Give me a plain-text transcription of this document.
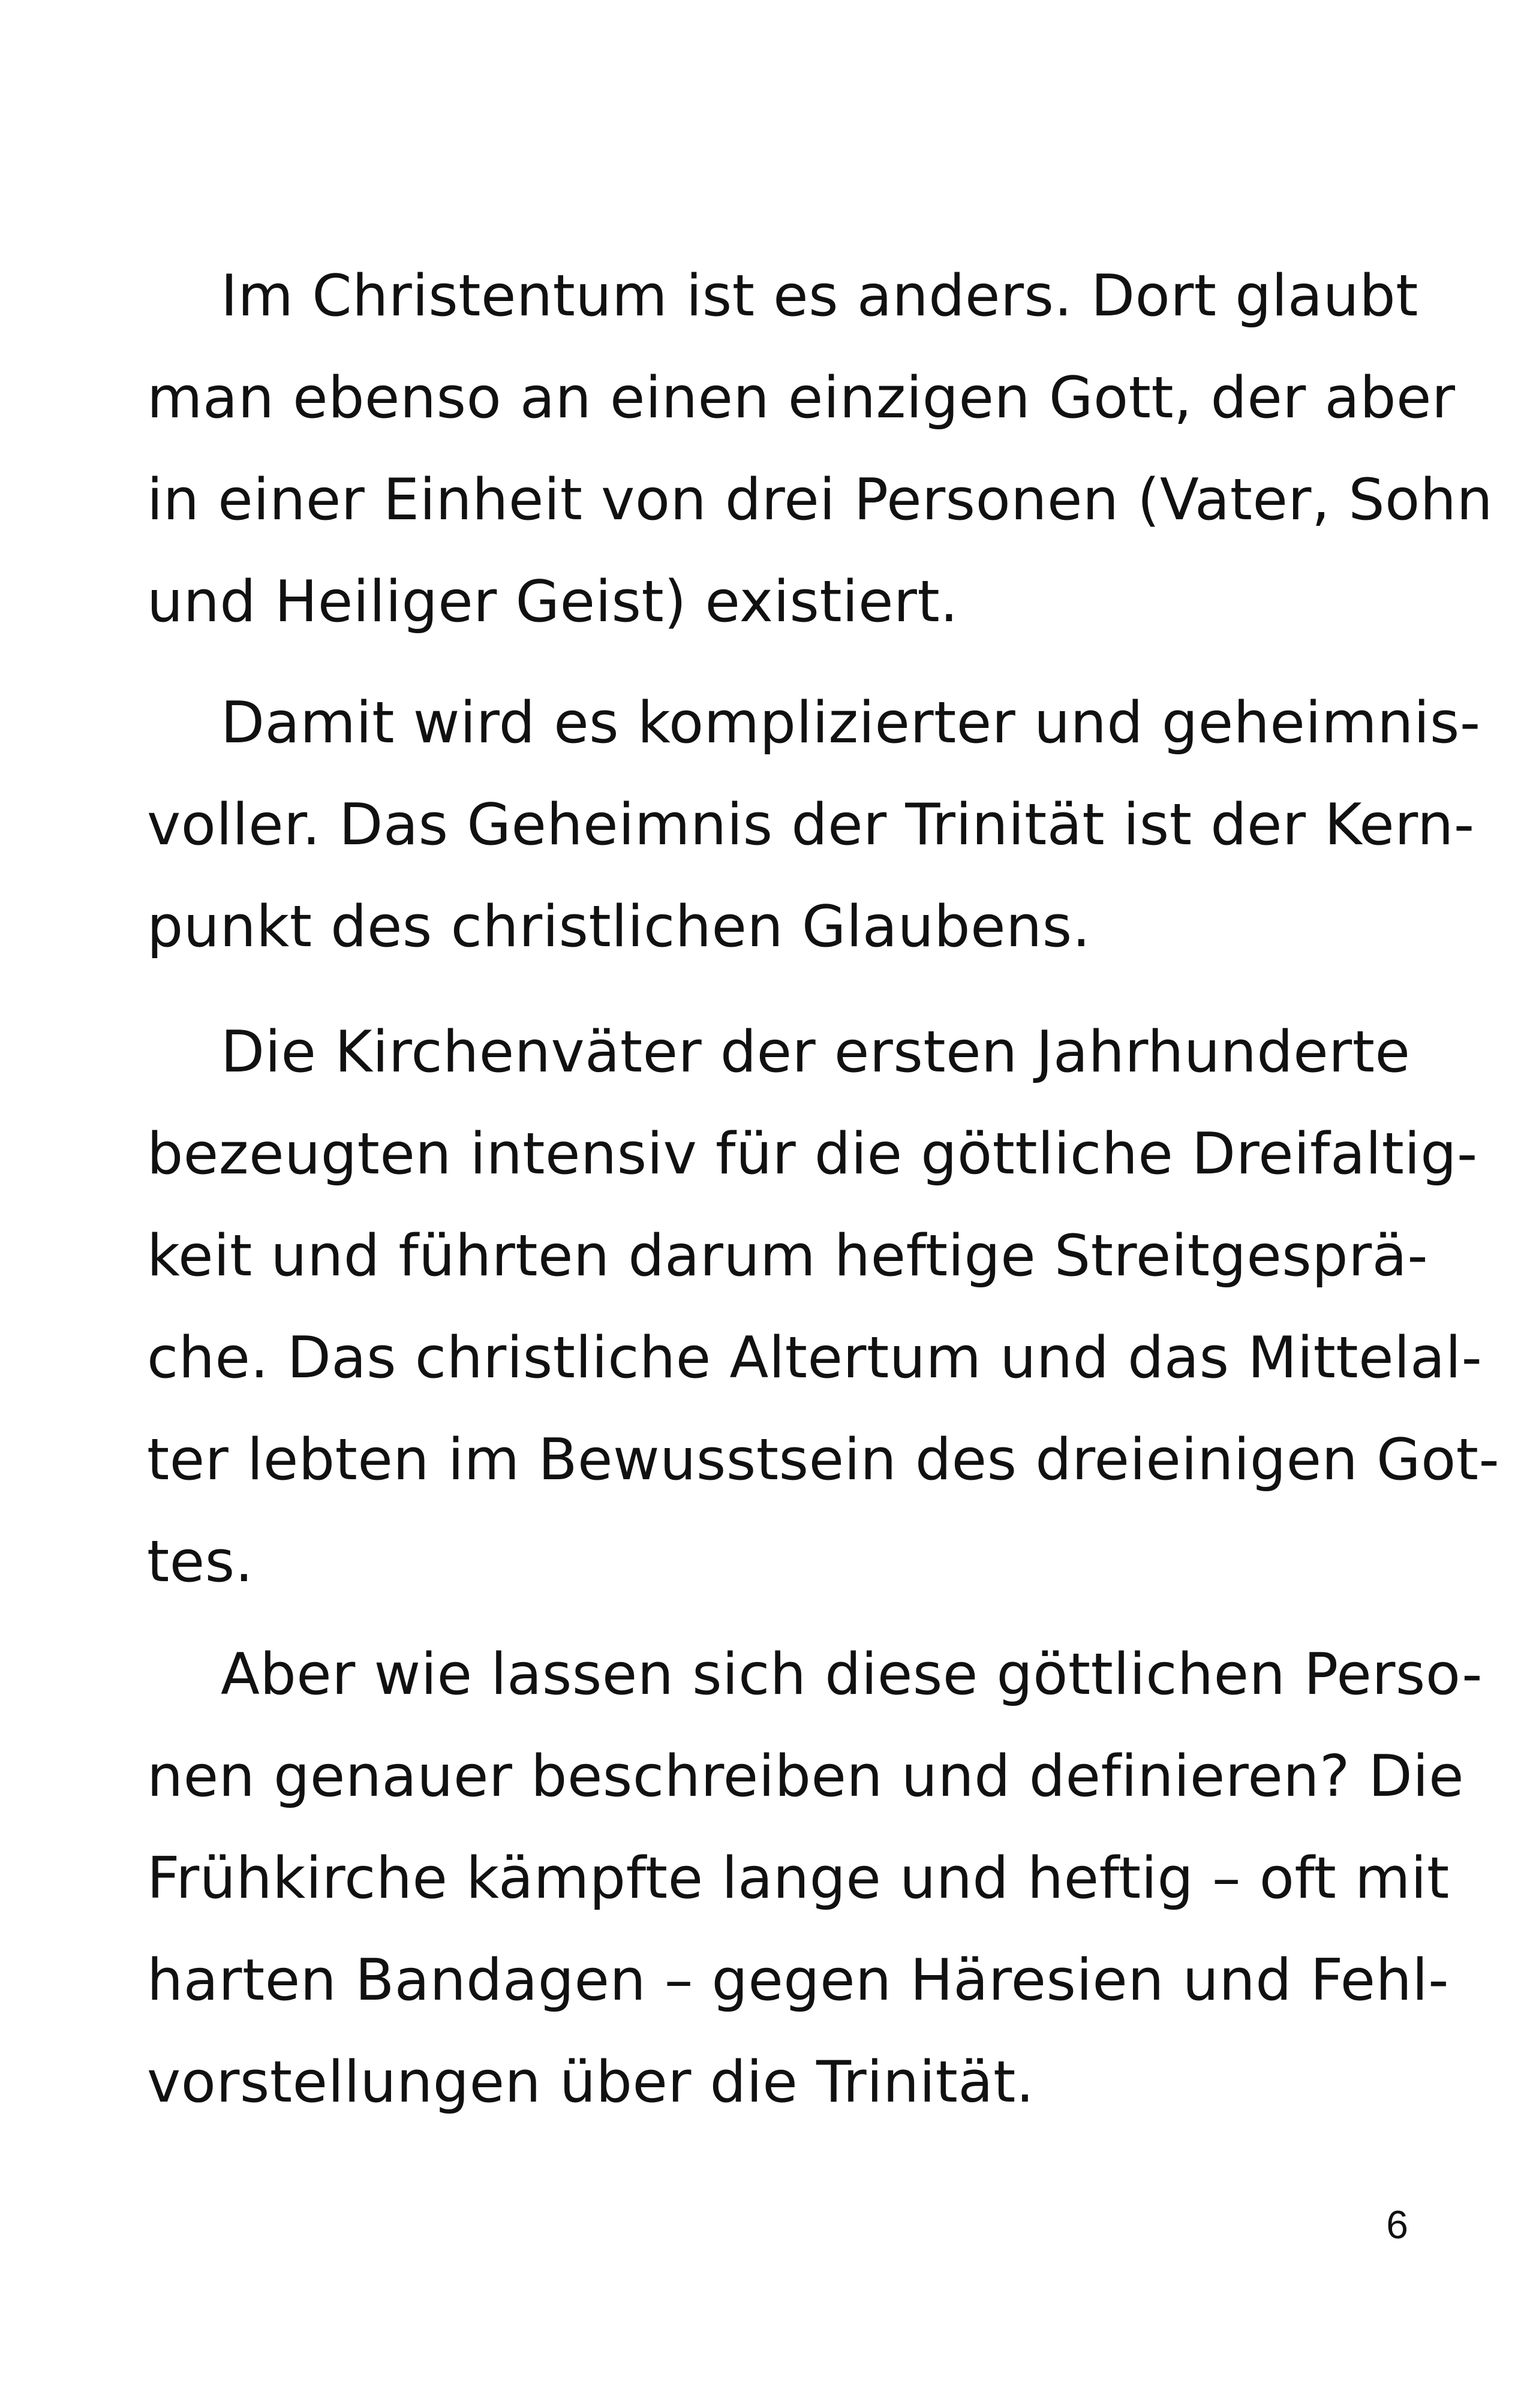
Im Christentum ist es anders. Dort glaubt

man ebenso an einen einzigen Gott, der aber

in einer Einheit von drei Personen (Vater, Sohn

und Heiliger Geist) existiert.

Damit wird es komplizierter und geheimnis-

voller. Das Geheimnis der Trinität ist der Kern-

punkt des christlichen Glaubens.

Die Kirchenväter der ersten Jahrhunderte

bezeugten intensiv für die göttliche Dreifaltig-

keit und führten darum heftige Streitgesprä-

che. Das christliche Altertum und das Mittelal-

ter lebten im Bewusstsein des dreieinigen Got-

tes.

Aber wie lassen sich diese göttlichen Perso-

nen genauer beschreiben und definieren? Die

Frühkirche kämpfte lange und heftig – oft mit

harten Bandagen – gegen Häresien und Fehl-

vorstellungen über die Trinität.

6
